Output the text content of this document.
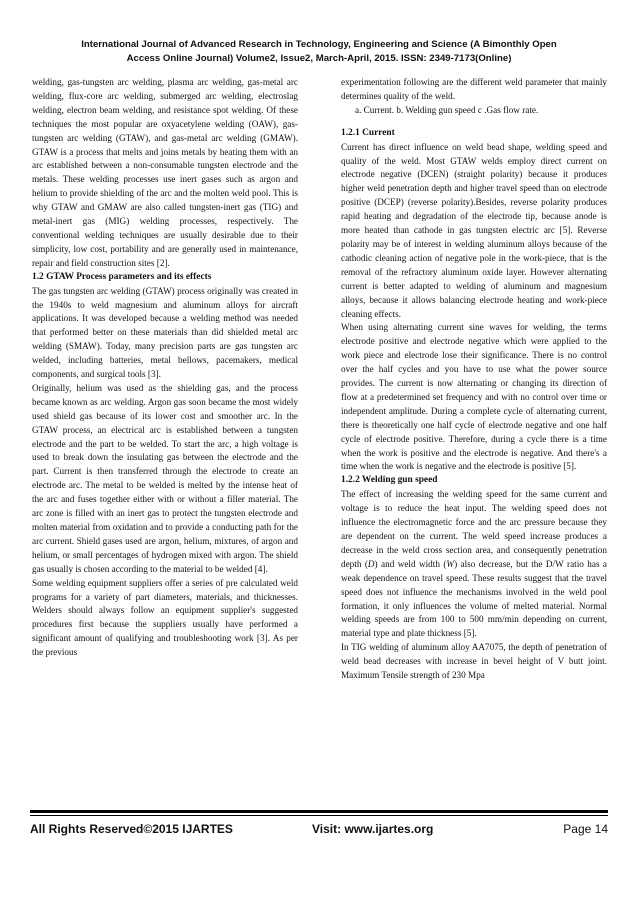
International Journal of Advanced Research in Technology, Engineering and Science (A Bimonthly Open
Access Online Journal) Volume2, Issue2, March-April, 2015. ISSN: 2349-7173(Online)

welding, gas-tungsten arc welding, plasma arc welding, gas-metal arc welding, flux-core arc welding, submerged arc welding, electroslag welding, electron beam welding, and resistance spot welding. Of these techniques the most popular are oxyacetylene welding (OAW), gas-tungsten arc welding (GTAW), and gas-metal arc welding (GMAW). GTAW is a process that melts and joins metals by heating them with an arc established between a non-consumable tungsten electrode and the metals. These welding processes use inert gases such as argon and helium to provide shielding of the arc and the molten weld pool. This is why GTAW and GMAW are also called tungsten-inert gas (TIG) and metal-inert gas (MIG) welding processes, respectively. The conventional welding techniques are usually desirable due to their simplicity, low cost, portability and are generally used in maintenance, repair and field construction sites [2].

1.2 GTAW Process parameters and its effects

The gas tungsten arc welding (GTAW) process originally was created in the 1940s to weld magnesium and aluminum alloys for aircraft applications. It was developed because a welding method was needed that performed better on these materials than did shielded metal arc welding (SMAW). Today, many precision parts are gas tungsten arc welded, including batteries, metal bellows, pacemakers, medical components, and surgical tools [3].

Originally, helium was used as the shielding gas, and the process became known as arc welding. Argon gas soon became the most widely used shield gas because of its lower cost and smoother arc. In the GTAW process, an electrical arc is established between a tungsten electrode and the part to be welded. To start the arc, a high voltage is used to break down the insulating gas between the electrode and the part. Current is then transferred through the electrode to create an electrode arc. The metal to be welded is melted by the intense heat of the arc and fuses together either with or without a filler material. The arc zone is filled with an inert gas to protect the tungsten electrode and molten material from oxidation and to provide a conducting path for the arc current. Shield gases used are argon, helium, mixtures, of argon and helium, or small percentages of hydrogen mixed with argon. The shield gas usually is chosen according to the material to be welded [4].

Some welding equipment suppliers offer a series of pre calculated weld programs for a variety of part diameters, materials, and thicknesses. Welders should always follow an equipment supplier's suggested procedures first because the suppliers usually have performed a significant amount of qualifying and troubleshooting work [3]. As per the previous

experimentation following are the different weld parameter that mainly determines quality of the weld.

a. Current. b. Welding gun speed c .Gas flow rate.

1.2.1 Current

Current has direct influence on weld bead shape, welding speed and quality of the weld. Most GTAW welds employ direct current on electrode negative (DCEN) (straight polarity) because it produces higher weld penetration depth and higher travel speed than on electrode positive (DCEP) (reverse polarity).Besides, reverse polarity produces rapid heating and degradation of the electrode tip, because anode is more heated than cathode in gas tungsten electric arc [5]. Reverse polarity may be of interest in welding aluminum alloys because of the cathodic cleaning action of negative pole in the work-piece, that is the removal of the refractory aluminum oxide layer. However alternating current is better adapted to welding of aluminum and magnesium alloys, because it allows balancing electrode heating and work-piece cleaning effects.

When using alternating current sine waves for welding, the terms electrode positive and electrode negative which were applied to the work piece and electrode lose their significance. There is no control over the half cycles and you have to use what the power source provides. The current is now alternating or changing its direction of flow at a predetermined set frequency and with no control over time or independent amplitude. During a complete cycle of alternating current, there is theoretically one half cycle of electrode negative and one half cycle of electrode positive. Therefore, during a cycle there is a time when the work is positive and the electrode is negative. And there's a time when the work is negative and the electrode is positive [5].

1.2.2 Welding gun speed

The effect of increasing the welding speed for the same current and voltage is to reduce the heat input. The welding speed does not influence the electromagnetic force and the arc pressure because they are dependent on the current. The weld speed increase produces a decrease in the weld cross section area, and consequently penetration depth (D) and weld width (W) also decrease, but the D/W ratio has a weak dependence on travel speed. These results suggest that the travel speed does not influence the mechanisms involved in the weld pool formation, it only influences the volume of melted material. Normal welding speeds are from 100 to 500 mm/min depending on current, material type and plate thickness [5].

In TIG welding of aluminum alloy AA7075, the depth of penetration of weld bead decreases with increase in bevel height of V butt joint. Maximum Tensile strength of 230 Mpa

All Rights Reserved©2015 IJARTES	Visit: www.ijartes.org	Page 14
